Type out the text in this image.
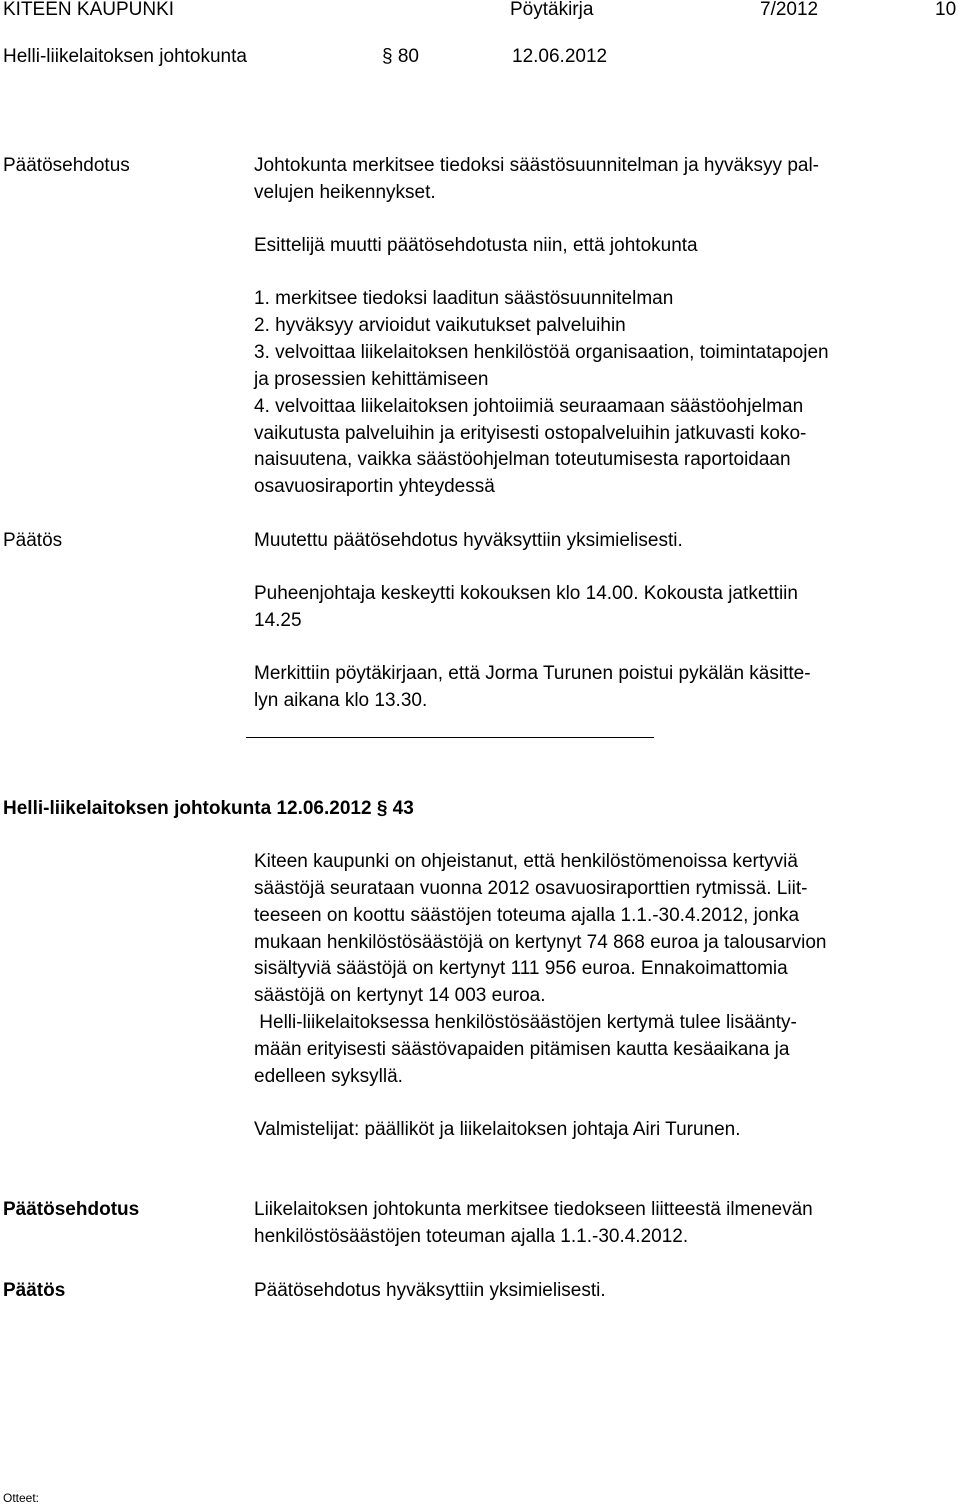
KITEEN KAUPUNKI	Pöytäkirja	7/2012	10
Helli-liikelaitoksen johtokunta	§ 80	12.06.2012
Päätösehdotus	Johtokunta merkitsee tiedoksi säästösuunnitelman ja hyväksyy pal-
velujen heikennykset.
Esittelijä muutti päätösehdotusta niin, että johtokunta
1. merkitsee tiedoksi laaditun säästösuunnitelman
2. hyväksyy arvioidut vaikutukset palveluihin
3. velvoittaa liikelaitoksen henkilöstöä organisaation, toimintatapojen
ja prosessien kehittämiseen
4. velvoittaa liikelaitoksen johtoiimiä seuraamaan säästöohjelman
vaikutusta palveluihin ja erityisesti ostopalveluihin jatkuvasti koko-
naisuutena, vaikka säästöohjelman toteutumisesta raportoidaan
osavuosiraportin yhteydessä
Päätös	Muutettu päätösehdotus hyväksyttiin yksimielisesti.
Puheenjohtaja keskeytti kokouksen klo 14.00. Kokousta jatkettiin
14.25
Merkittiin pöytäkirjaan, että Jorma Turunen poistui pykälän käsitte-
lyn aikana klo 13.30.
Helli-liikelaitoksen johtokunta 12.06.2012 § 43
Kiteen kaupunki on ohjeistanut, että henkilöstömenoissa kertyviä
säästöjä seurataan vuonna 2012 osavuosiraporttien rytmissä. Liit-
teeseen on koottu säästöjen toteuma ajalla 1.1.-30.4.2012, jonka
mukaan henkilöstösäästöjä on kertynyt 74 868 euroa ja talousarvion
sisältyviä säästöjä on kertynyt 111 956 euroa. Ennakoimattomia
säästöjä on kertynyt 14 003 euroa.
Helli-liikelaitoksessa henkilöstösäästöjen kertymä tulee lisäänty-
mään erityisesti säästövapaiden pitämisen kautta kesäaikana ja
edelleen syksyllä.
Valmistelijat: päälliköt ja liikelaitoksen johtaja Airi Turunen.
Päätösehdotus	Liikelaitoksen johtokunta merkitsee tiedokseen liitteestä ilmenevän
henkilöstösäästöjen toteuman ajalla 1.1.-30.4.2012.
Päätös	Päätösehdotus hyväksyttiin yksimielisesti.
Otteet:
